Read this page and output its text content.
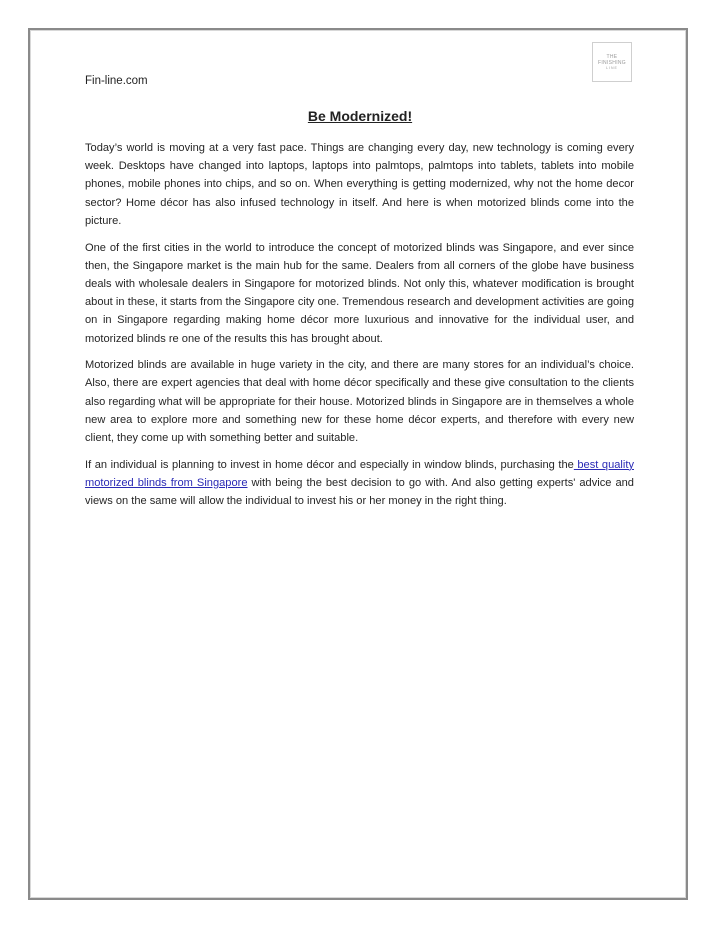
THE
FINISHING
LINE
Fin-line.com
Be Modernized!

Today’s world is moving at a very fast pace. Things are changing every day, new technology is coming every week. Desktops have changed into laptops, laptops into palmtops, palmtops into tablets, tablets into mobile phones, mobile phones into chips, and so on. When everything is getting modernized, why not the home decor sector? Home décor has also infused technology in itself. And here is when motorized blinds come into the picture.

One of the first cities in the world to introduce the concept of motorized blinds was Singapore, and ever since then, the Singapore market is the main hub for the same. Dealers from all corners of the globe have business deals with wholesale dealers in Singapore for motorized blinds. Not only this, whatever modification is brought about in these, it starts from the Singapore city one. Tremendous research and development activities are going on in Singapore regarding making home décor more luxurious and innovative for the individual user, and motorized blinds re one of the results this has brought about.

Motorized blinds are available in huge variety in the city, and there are many stores for an individual’s choice. Also, there are expert agencies that deal with home décor specifically and these give consultation to the clients also regarding what will be appropriate for their house. Motorized blinds in Singapore are in themselves a whole new area to explore more and something new for these home décor experts, and therefore with every new client, they come up with something better and suitable.

If an individual is planning to invest in home décor and especially in window blinds, purchasing the best quality motorized blinds from Singapore with being the best decision to go with. And also getting experts' advice and views on the same will allow the individual to invest his or her money in the right thing.
